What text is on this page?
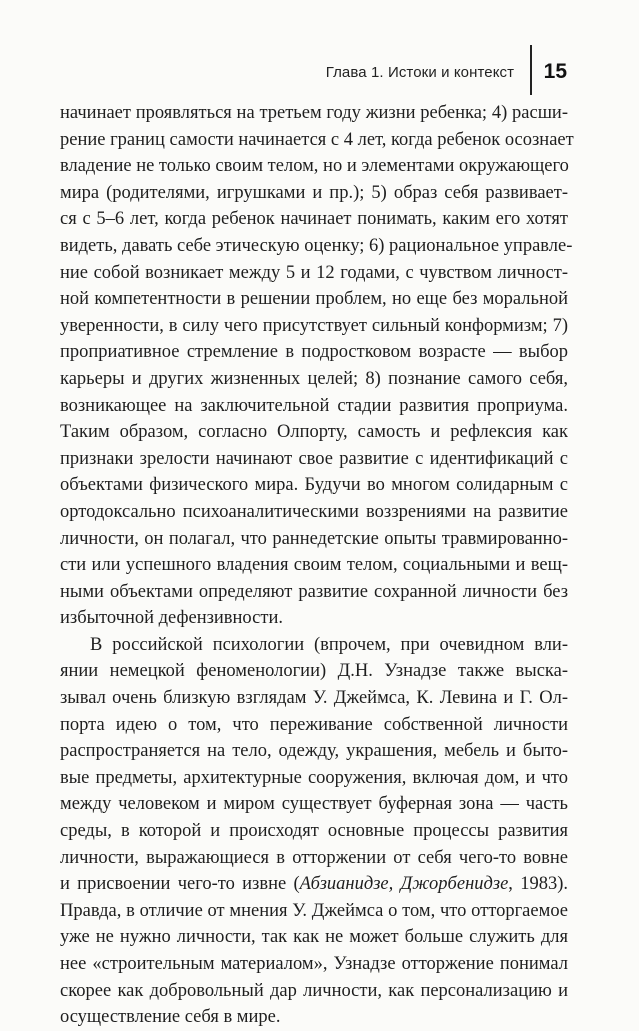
Глава 1. Истоки и контекст	15
начинает проявляться на третьем году жизни ребенка; 4) расши-
рение границ самости начинается с 4 лет, когда ребенок осознает
владение не только своим телом, но и элементами окружающего
мира (родителями, игрушками и пр.); 5) образ себя развивает-
ся с 5–6 лет, когда ребенок начинает понимать, каким его хотят
видеть, давать себе этическую оценку; 6) рациональное управле-
ние собой возникает между 5 и 12 годами, с чувством личност-
ной компетентности в решении проблем, но еще без моральной
уверенности, в силу чего присутствует сильный конформизм; 7)
проприативное стремление в подростковом возрасте — выбор
карьеры и других жизненных целей; 8) познание самого себя,
возникающее на заключительной стадии развития проприума.
Таким образом, согласно Олпорту, самость и рефлексия как
признаки зрелости начинают свое развитие с идентификаций с
объектами физического мира. Будучи во многом солидарным с
ортодоксально психоаналитическими воззрениями на развитие
личности, он полагал, что раннедетские опыты травмированно-
сти или успешного владения своим телом, социальными и вещ-
ными объектами определяют развитие сохранной личности без
избыточной дефензивности.
В российской психологии (впрочем, при очевидном вли-
янии немецкой феноменологии) Д.Н. Узнадзе также выска-
зывал очень близкую взглядам У. Джеймса, К. Левина и Г. Ол-
порта идею о том, что переживание собственной личности
распространяется на тело, одежду, украшения, мебель и быто-
вые предметы, архитектурные сооружения, включая дом, и что
между человеком и миром существует буферная зона — часть
среды, в которой и происходят основные процессы развития
личности, выражающиеся в отторжении от себя чего-то вовне
и присвоении чего-то извне (Абзианидзе, Джорбенидзе, 1983).
Правда, в отличие от мнения У. Джеймса о том, что отторгаемое
уже не нужно личности, так как не может больше служить для
нее «строительным материалом», Узнадзе отторжение понимал
скорее как добровольный дар личности, как персонализацию и
осуществление себя в мире.
